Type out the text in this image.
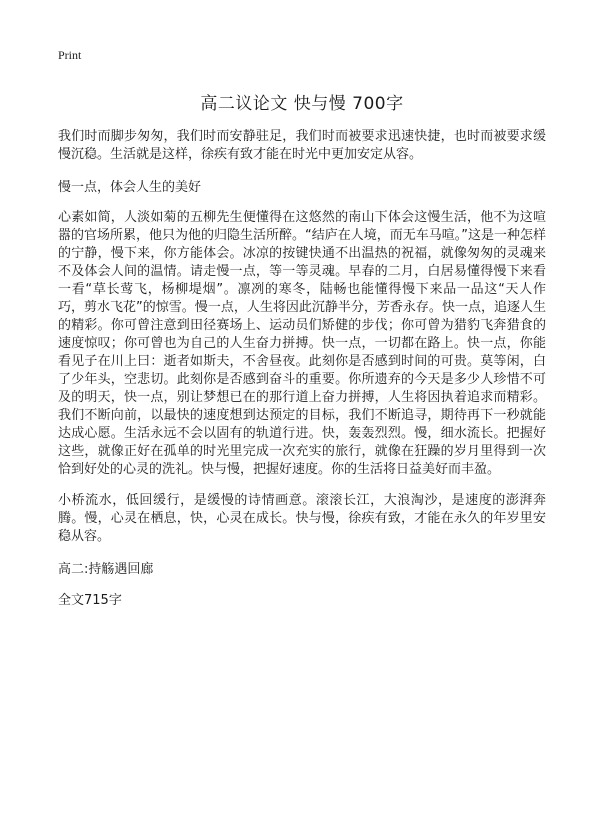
Print
高二议论文 快与慢 700字

我们时而脚步匆匆，我们时而安静驻足，我们时而被要求迅速快捷，也时而被要求缓慢沉稳。生活就是这样，徐疾有致才能在时光中更加安定从容。

慢一点，体会人生的美好

心素如简，人淡如菊的五柳先生便懂得在这悠然的南山下体会这慢生活，他不为这喧嚣的官场所累，他只为他的归隐生活所醉。“结庐在人境，而无车马喧。”这是一种怎样的宁静，慢下来，你方能体会。冰凉的按键快通不出温热的祝福，就像匆匆的灵魂来不及体会人间的温情。请走慢一点，等一等灵魂。早春的二月，白居易懂得慢下来看一看“草长莺飞，杨柳堤烟”。凛冽的寒冬，陆畅也能懂得慢下来品一品这“天人作巧，剪水飞花”的惊雪。慢一点，人生将因此沉静半分，芳香永存。快一点，追逐人生的精彩。你可曾注意到田径赛场上、运动员们矫健的步伐；你可曾为猎豹飞奔猎食的速度惊叹；你可曾也为自己的人生奋力拼搏。快一点，一切都在路上。快一点，你能看见子在川上曰：逝者如斯夫，不舍昼夜。此刻你是否感到时间的可贵。莫等闲，白了少年头，空悲切。此刻你是否感到奋斗的重要。你所遗弃的今天是多少人珍惜不可及的明天，快一点，别让梦想已在的那行道上奋力拼搏，人生将因执着追求而精彩。我们不断向前，以最快的速度想到达预定的目标，我们不断追寻，期待再下一秒就能达成心愿。生活永远不会以固有的轨道行进。快，轰轰烈烈。慢，细水流长。把握好这些，就像正好在孤单的时光里完成一次充实的旅行，就像在狂躁的岁月里得到一次恰到好处的心灵的洗礼。快与慢，把握好速度。你的生活将日益美好而丰盈。

小桥流水，低回缓行，是缓慢的诗情画意。滚滚长江，大浪淘沙，是速度的澎湃奔腾。慢，心灵在栖息，快，心灵在成长。快与慢，徐疾有致，才能在永久的年岁里安稳从容。

高二:持觞遇回廊

全文715字
